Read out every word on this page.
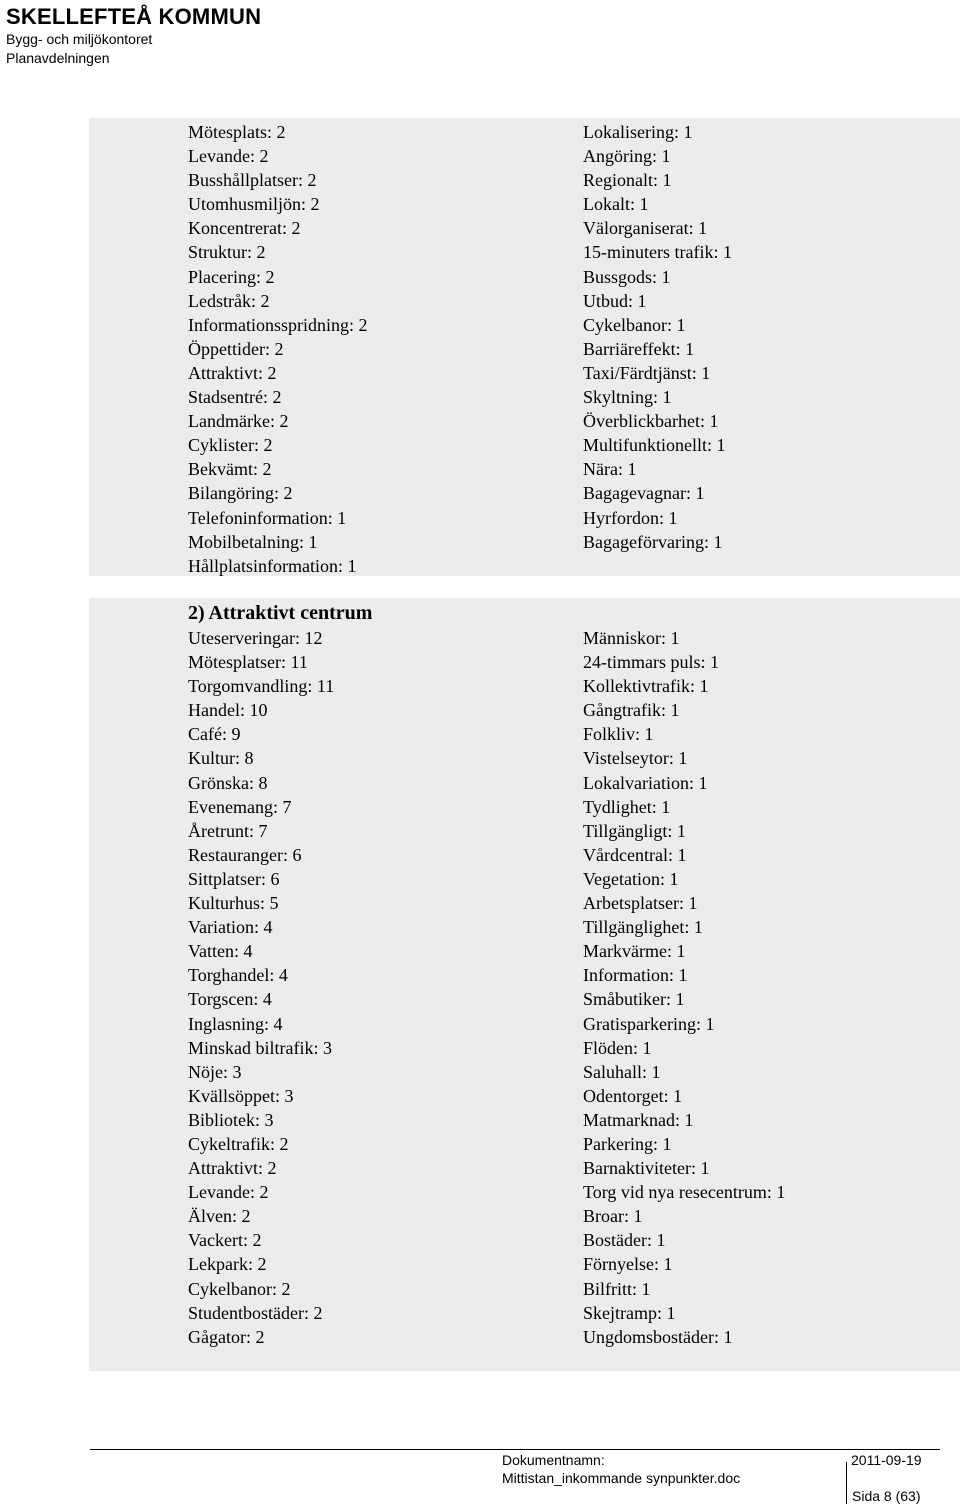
SKELLEFTEÅ KOMMUN
Bygg- och miljökontoret
Planavdelningen
Mötesplats: 2
Levande: 2
Busshållplatser: 2
Utomhusmiljön: 2
Koncentrerat: 2
Struktur: 2
Placering: 2
Ledstråk: 2
Informationsspridning: 2
Öppettider: 2
Attraktivt: 2
Stadsentré: 2
Landmärke: 2
Cyklister: 2
Bekvämt: 2
Bilangöring: 2
Telefoninformation: 1
Mobilbetalning: 1
Hållplatsinformation: 1
Lokalisering: 1
Angöring: 1
Regionalt: 1
Lokalt: 1
Välorganiserat: 1
15-minuters trafik: 1
Bussgods: 1
Utbud: 1
Cykelbanor: 1
Barriäreffekt: 1
Taxi/Färdtjänst: 1
Skyltning: 1
Överblickbarhet: 1
Multifunktionellt: 1
Nära: 1
Bagagevagnar: 1
Hyrfordon: 1
Bagageförvaring: 1
2) Attraktivt centrum
Uteserveringar: 12
Mötesplatser: 11
Torgomvandling: 11
Handel: 10
Café: 9
Kultur: 8
Grönska: 8
Evenemang: 7
Åretrunt: 7
Restauranger: 6
Sittplatser: 6
Kulturhus: 5
Variation: 4
Vatten: 4
Torghandel: 4
Torgscen: 4
Inglasning: 4
Minskad biltrafik: 3
Nöje: 3
Kvällsöppet: 3
Bibliotek: 3
Cykeltrafik: 2
Attraktivt: 2
Levande: 2
Älven: 2
Vackert: 2
Lekpark: 2
Cykelbanor: 2
Studentbostäder: 2
Gågator: 2
Människor: 1
24-timmars puls: 1
Kollektivtrafik: 1
Gångtrafik: 1
Folkliv: 1
Vistelseytor: 1
Lokalvariation: 1
Tydlighet: 1
Tillgängligt: 1
Vårdcentral: 1
Vegetation: 1
Arbetsplatser: 1
Tillgänglighet: 1
Markvärme: 1
Information: 1
Småbutiker: 1
Gratisparkering: 1
Flöden: 1
Saluhall: 1
Odentorget: 1
Matmarknad: 1
Parkering: 1
Barnaktiviteter: 1
Torg vid nya resecentrum: 1
Broar: 1
Bostäder: 1
Förnyelse: 1
Bilfritt: 1
Skejtramp: 1
Ungdomsbostäder: 1
Dokumentnamn:	2011-09-19
Mittistan_inkommande synpunkter.doc
Sida 8 (63)
